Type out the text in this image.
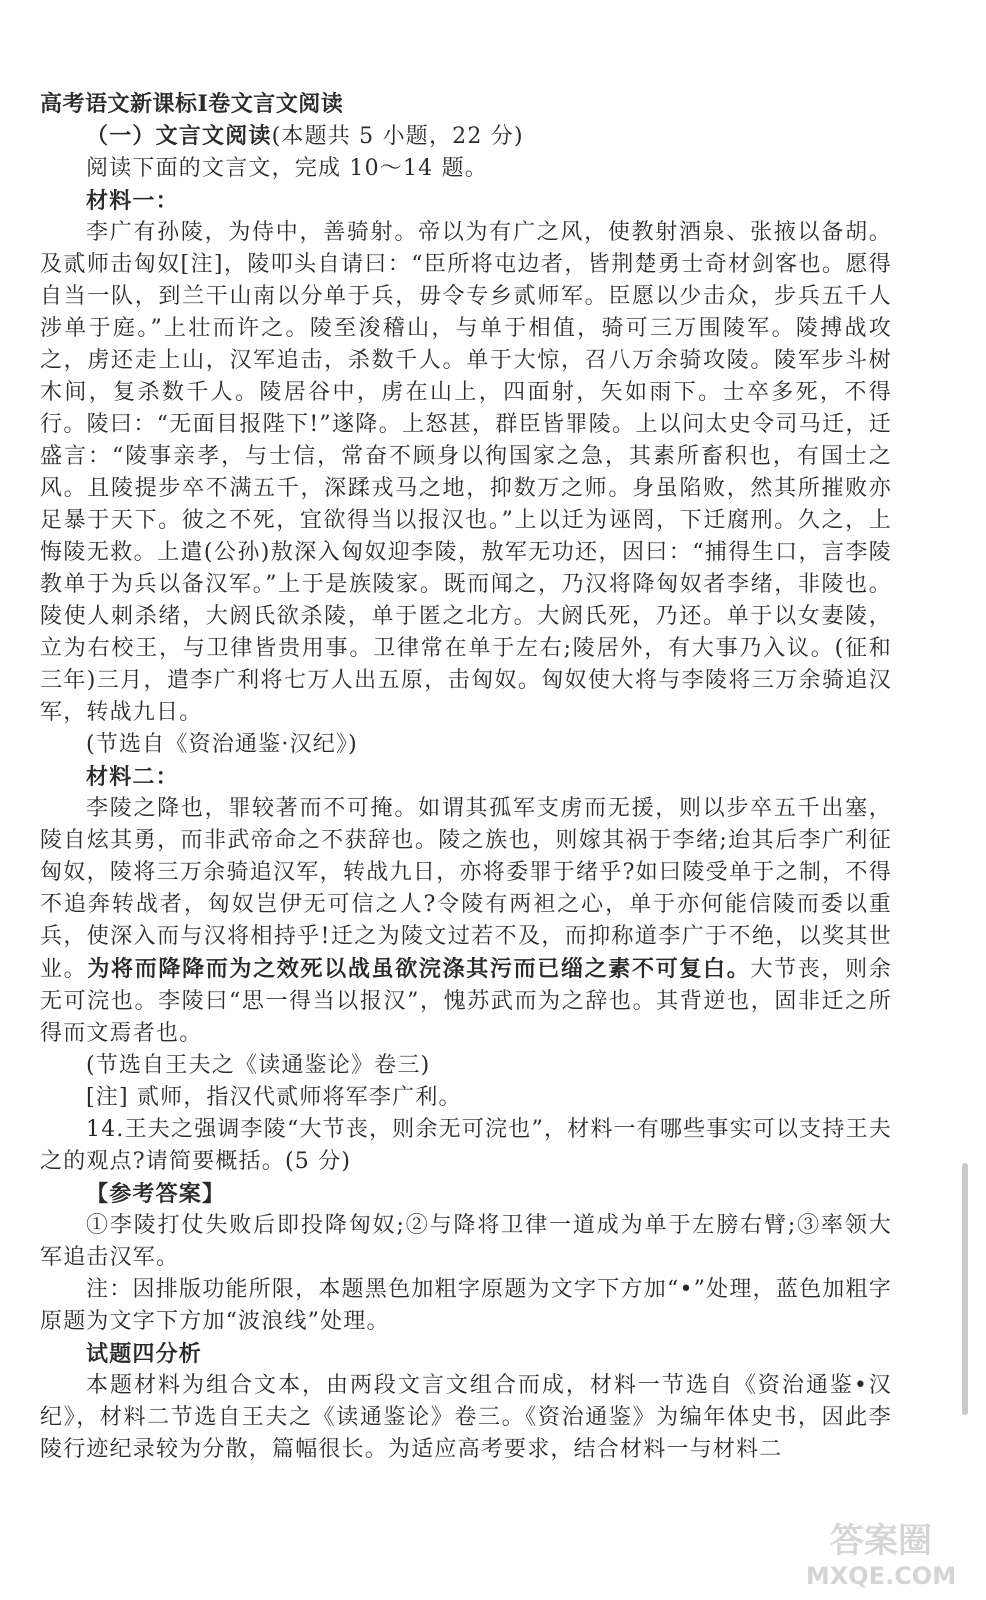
高考语文新课标Ⅰ卷文言文阅读

（一）文言文阅读(本题共 5 小题，22 分)

阅读下面的文言文，完成 10～14 题。

材料一：

李广有孙陵，为侍中，善骑射。帝以为有广之风，使教射酒泉、张掖以备胡。及贰师击匈奴[注]，陵叩头自请曰：“臣所将屯边者，皆荆楚勇士奇材剑客也。愿得自当一队，到兰干山南以分单于兵，毋令专乡贰师军。臣愿以少击众，步兵五千人涉单于庭。”上壮而许之。陵至浚稽山，与单于相值，骑可三万围陵军。陵搏战攻之，虏还走上山，汉军追击，杀数千人。单于大惊，召八万余骑攻陵。陵军步斗树木间，复杀数千人。陵居谷中，虏在山上，四面射，矢如雨下。士卒多死，不得行。陵曰：“无面目报陛下!”遂降。上怒甚，群臣皆罪陵。上以问太史令司马迁，迁盛言：“陵事亲孝，与士信，常奋不顾身以徇国家之急，其素所畜积也，有国士之风。且陵提步卒不满五千，深蹂戎马之地，抑数万之师。身虽陷败，然其所摧败亦足暴于天下。彼之不死，宜欲得当以报汉也。”上以迁为诬罔，下迁腐刑。久之，上悔陵无救。上遣(公孙)敖深入匈奴迎李陵，敖军无功还，因曰：“捕得生口，言李陵教单于为兵以备汉军。”上于是族陵家。既而闻之，乃汉将降匈奴者李绪，非陵也。陵使人刺杀绪，大阏氏欲杀陵，单于匿之北方。大阏氏死，乃还。单于以女妻陵，立为右校王，与卫律皆贵用事。卫律常在单于左右;陵居外，有大事乃入议。(征和三年)三月，遣李广利将七万人出五原，击匈奴。匈奴使大将与李陵将三万余骑追汉军，转战九日。

(节选自《资治通鉴·汉纪》)

材料二：

李陵之降也，罪较著而不可掩。如谓其孤军支虏而无援，则以步卒五千出塞，陵自炫其勇，而非武帝命之不获辞也。陵之族也，则嫁其祸于李绪;迨其后李广利征匈奴，陵将三万余骑追汉军，转战九日，亦将委罪于绪乎?如曰陵受单于之制，不得不追奔转战者，匈奴岂伊无可信之人?令陵有两袒之心，单于亦何能信陵而委以重兵，使深入而与汉将相持乎!迁之为陵文过若不及，而抑称道李广于不绝，以奖其世业。为将而降降而为之效死以战虽欲浣涤其污而已缁之素不可复白。大节丧，则余无可浣也。李陵曰“思一得当以报汉”，愧苏武而为之辞也。其背逆也，固非迁之所得而文焉者也。

(节选自王夫之《读通鉴论》卷三)

[注] 贰师，指汉代贰师将军李广利。

14.王夫之强调李陵“大节丧，则余无可浣也”，材料一有哪些事实可以支持王夫之的观点?请简要概括。(5 分)

【参考答案】

①李陵打仗失败后即投降匈奴;②与降将卫律一道成为单于左膀右臂;③率领大军追击汉军。

注：因排版功能所限，本题黑色加粗字原题为文字下方加“•”处理，蓝色加粗字原题为文字下方加“波浪线”处理。

试题四分析

本题材料为组合文本，由两段文言文组合而成，材料一节选自《资治通鉴•汉纪》，材料二节选自王夫之《读通鉴论》卷三。《资治通鉴》为编年体史书，因此李陵行迹纪录较为分散，篇幅很长。为适应高考要求，结合材料一与材料二

答案圈
MXQE.COM
